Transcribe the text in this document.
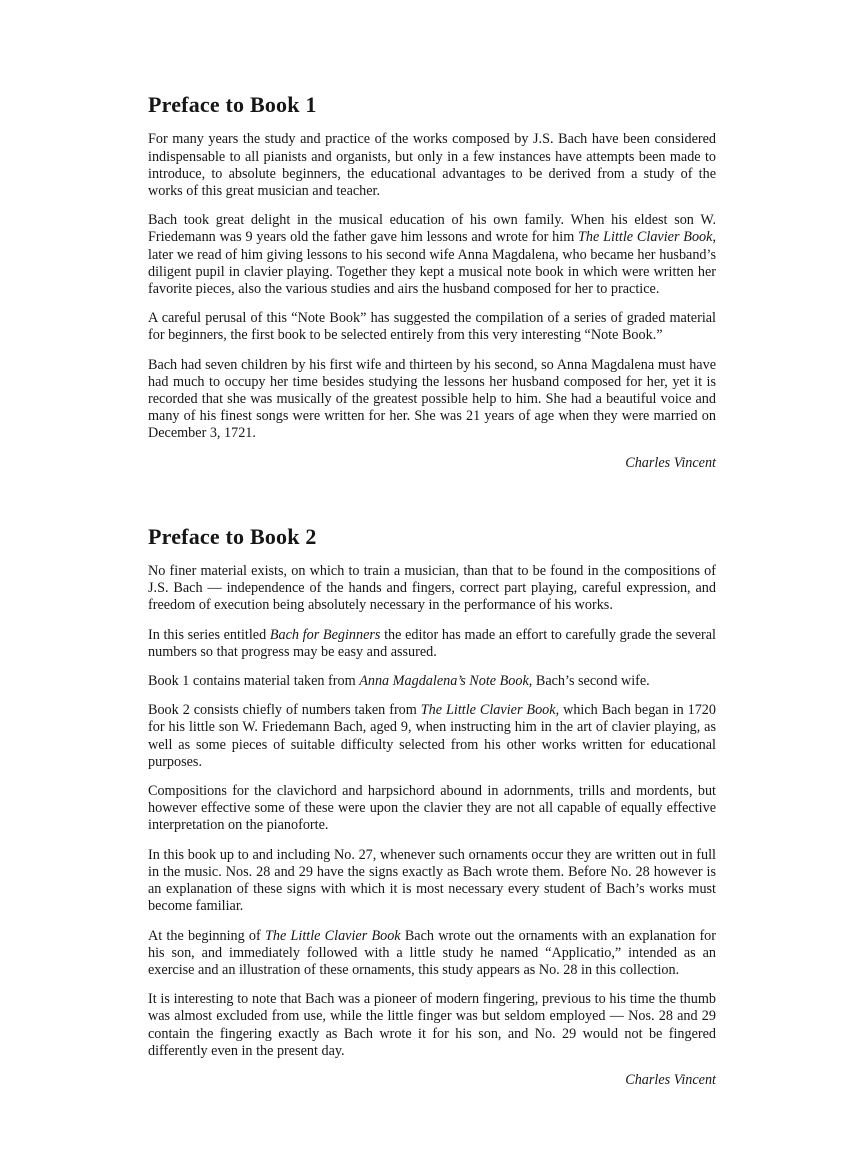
Preface to Book 1

For many years the study and practice of the works composed by J.S. Bach have been considered indispensable to all pianists and organists, but only in a few instances have attempts been made to introduce, to absolute beginners, the educational advantages to be derived from a study of the works of this great musician and teacher.

Bach took great delight in the musical education of his own family. When his eldest son W. Friedemann was 9 years old the father gave him lessons and wrote for him The Little Clavier Book, later we read of him giving lessons to his second wife Anna Magdalena, who became her husband’s diligent pupil in clavier playing. Together they kept a musical note book in which were written her favorite pieces, also the various studies and airs the husband composed for her to practice.

A careful perusal of this “Note Book” has suggested the compilation of a series of graded material for beginners, the first book to be selected entirely from this very interesting “Note Book.”

Bach had seven children by his first wife and thirteen by his second, so Anna Magdalena must have had much to occupy her time besides studying the lessons her husband composed for her, yet it is recorded that she was musically of the greatest possible help to him. She had a beautiful voice and many of his finest songs were written for her. She was 21 years of age when they were married on December 3, 1721.

Charles Vincent

Preface to Book 2

No finer material exists, on which to train a musician, than that to be found in the compositions of J.S. Bach — independence of the hands and fingers, correct part playing, careful expression, and freedom of execution being absolutely necessary in the performance of his works.

In this series entitled Bach for Beginners the editor has made an effort to carefully grade the several numbers so that progress may be easy and assured.

Book 1 contains material taken from Anna Magdalena’s Note Book, Bach’s second wife.

Book 2 consists chiefly of numbers taken from The Little Clavier Book, which Bach began in 1720 for his little son W. Friedemann Bach, aged 9, when instructing him in the art of clavier playing, as well as some pieces of suitable difficulty selected from his other works written for educational purposes.

Compositions for the clavichord and harpsichord abound in adornments, trills and mordents, but however effective some of these were upon the clavier they are not all capable of equally effective interpretation on the pianoforte.

In this book up to and including No. 27, whenever such ornaments occur they are written out in full in the music. Nos. 28 and 29 have the signs exactly as Bach wrote them. Before No. 28 however is an explanation of these signs with which it is most necessary every student of Bach’s works must become familiar.

At the beginning of The Little Clavier Book Bach wrote out the ornaments with an explanation for his son, and immediately followed with a little study he named “Applicatio,” intended as an exercise and an illustration of these ornaments, this study appears as No. 28 in this collection.

It is interesting to note that Bach was a pioneer of modern fingering, previous to his time the thumb was almost excluded from use, while the little finger was but seldom employed — Nos. 28 and 29 contain the fingering exactly as Bach wrote it for his son, and No. 29 would not be fingered differently even in the present day.

Charles Vincent
